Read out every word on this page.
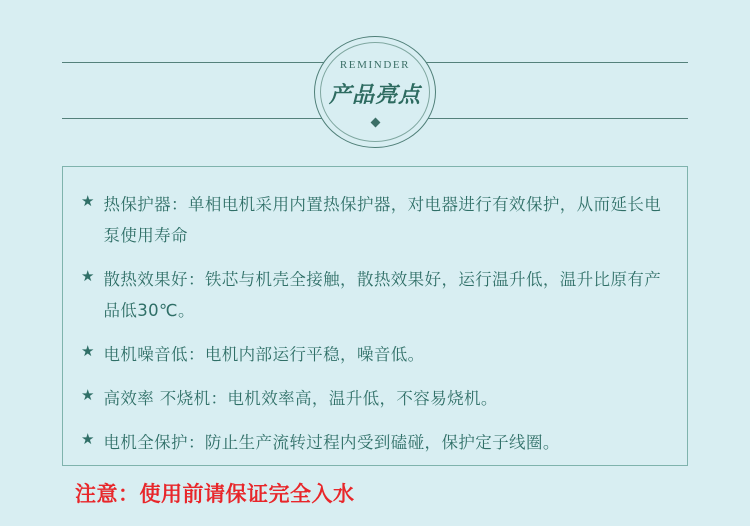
REMINDER
产品亮点
★ 热保护器：单相电机采用内置热保护器，对电器进行有效保护，从而延长电泵使用寿命
★ 散热效果好：铁芯与机壳全接触，散热效果好，运行温升低，温升比原有产品低30℃。
★ 电机噪音低：电机内部运行平稳，噪音低。
★ 高效率 不烧机：电机效率高，温升低，不容易烧机。
★ 电机全保护：防止生产流转过程内受到磕碰，保护定子线圈。
注意：使用前请保证完全入水
